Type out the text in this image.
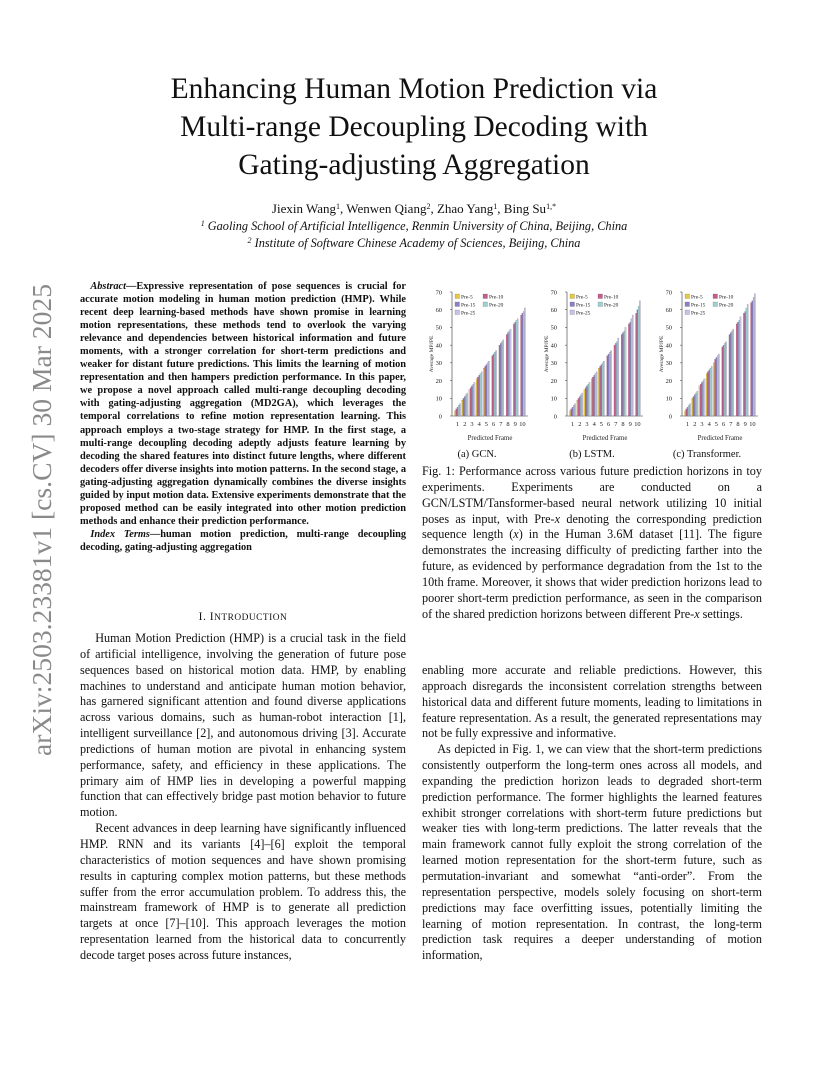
arXiv:2503.23381v1 [cs.CV] 30 Mar 2025
Enhancing Human Motion Prediction via
Multi-range Decoupling Decoding with
Gating-adjusting Aggregation
Jiexin Wang$^1$, Wenwen Qiang$^2$, Zhao Yang$^1$, Bing $Su^{1,*}$
$^1$ Gaoling School of Artificial Intelligence, Renmin University of China, Beijing, China
$^2$ Institute of Software Chinese Academy of Sciences, Beijing, China

Abstract—Expressive representation of pose sequences is crucial for accurate motion modeling in human motion prediction (HMP). While recent deep learning-based methods have shown promise in learning motion representations, these methods tend to overlook the varying relevance and dependencies between historical information and future moments, with a stronger correlation for short-term predictions and weaker for distant future predictions. This limits the learning of motion representation and then hampers prediction performance. In this paper, we propose a novel approach called multi-range decoupling decoding with gating-adjusting aggregation (MD2GA), which leverages the temporal correlations to refine motion representation learning. This approach employs a two-stage strategy for HMP. In the first stage, a multi-range decoupling decoding adeptly adjusts feature learning by decoding the shared features into distinct future lengths, where different decoders offer diverse insights into motion patterns. In the second stage, a gating-adjusting aggregation dynamically combines the diverse insights guided by input motion data. Extensive experiments demonstrate that the proposed method can be easily integrated into other motion prediction methods and enhance their prediction performance.

Index Terms—human motion prediction, multi-range decoupling decoding, gating-adjusting aggregation

I. INTRODUCTION

Human Motion Prediction (HMP) is a crucial task in the field of artificial intelligence, involving the generation of future pose sequences based on historical motion data. HMP, by enabling machines to understand and anticipate human motion behavior, has garnered significant attention and found diverse applications across various domains, such as human-robot interaction [1], intelligent surveillance [2], and autonomous driving [3]. Accurate predictions of human motion are pivotal in enhancing system performance, safety, and efficiency in these applications. The primary aim of HMP lies in developing a powerful mapping function that can effectively bridge past motion behavior to future motion.

Recent advances in deep learning have significantly influenced HMP. RNN and its variants [4]–[6] exploit the temporal characteristics of motion sequences and have shown promising results in capturing complex motion patterns, but these methods suffer from the error accumulation problem. To address this, the mainstream framework of HMP is to generate all prediction targets at once [7]–[10]. This approach leverages the motion representation learned from the historical data to concurrently decode target poses across future instances,

0
10
20
30
40
50
60
70
Average MPJPE
1 2 3 4 5 6 7 8 9 10
Predicted Frame
Pre-5	Pre-10
Pre-15	Pre-20
Pre-25
(a) GCN.
0
10
20
30
40
50
60
70
Average MPJPE
1 2 3 4 5 6 7 8 9 10
Predicted Frame
Pre-5	Pre-10
Pre-15	Pre-20
Pre-25
(b) LSTM.
0
10
20
30
40
50
60
70
Average MPJPE
1 2 3 4 5 6 7 8 9 10
Predicted Frame
Pre-5	Pre-10
Pre-15	Pre-20
Pre-25
(c) Transformer.

Fig. 1: Performance across various future prediction horizons in toy experiments. Experiments are conducted on a GCN/LSTM/Tansformer-based neural network utilizing 10 initial poses as input, with Pre-x denoting the corresponding prediction sequence length (x) in the Human 3.6M dataset [11]. The figure demonstrates the increasing difficulty of predicting farther into the future, as evidenced by performance degradation from the 1st to the 10th frame. Moreover, it shows that wider prediction horizons lead to poorer short-term prediction performance, as seen in the comparison of the shared prediction horizons between different Pre-x settings.

enabling more accurate and reliable predictions. However, this approach disregards the inconsistent correlation strengths between historical data and different future moments, leading to limitations in feature representation. As a result, the generated representations may not be fully expressive and informative.

As depicted in Fig. 1, we can view that the short-term predictions consistently outperform the long-term ones across all models, and expanding the prediction horizon leads to degraded short-term prediction performance. The former highlights the learned features exhibit stronger correlations with short-term future predictions but weaker ties with long-term predictions. The latter reveals that the main framework cannot fully exploit the strong correlation of the learned motion representation for the short-term future, such as permutation-invariant and somewhat “anti-order”. From the representation perspective, models solely focusing on short-term predictions may face overfitting issues, potentially limiting the learning of motion representation. In contrast, the long-term prediction task requires a deeper understanding of motion information,
